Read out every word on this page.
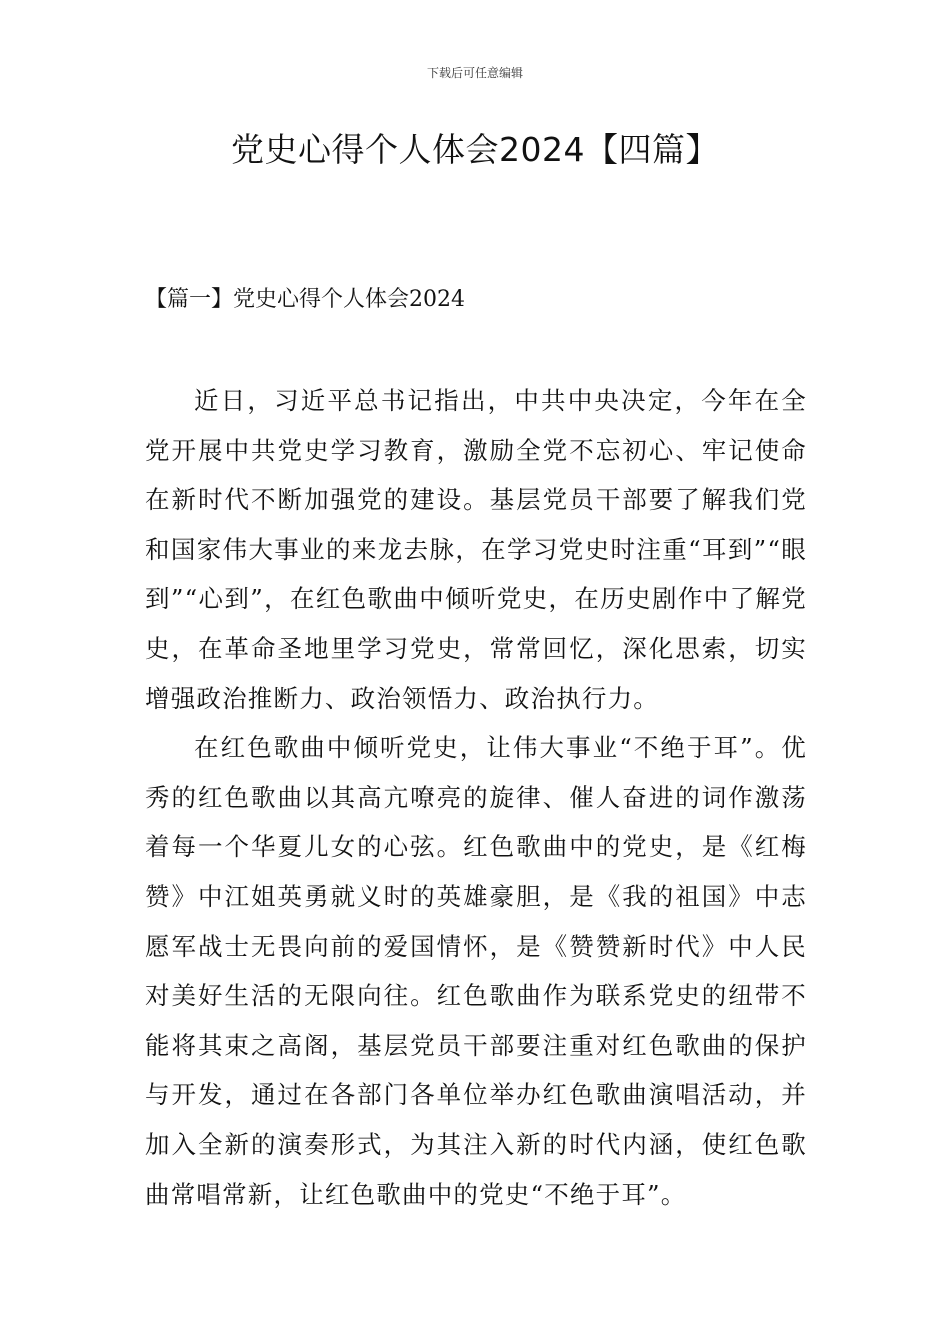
下载后可任意编辑
党史心得个人体会2024【四篇】
【篇一】党史心得个人体会2024

近日，习近平总书记指出，中共中央决定，今年在全党开展中共党史学习教育，激励全党不忘初心、牢记使命在新时代不断加强党的建设。基层党员干部要了解我们党和国家伟大事业的来龙去脉，在学习党史时注重“耳到”“眼到”“心到”，在红色歌曲中倾听党史，在历史剧作中了解党史，在革命圣地里学习党史，常常回忆，深化思索，切实增强政治推断力、政治领悟力、政治执行力。

在红色歌曲中倾听党史，让伟大事业“不绝于耳”。优秀的红色歌曲以其高亢嘹亮的旋律、催人奋进的词作激荡着每一个华夏儿女的心弦。红色歌曲中的党史，是《红梅赞》中江姐英勇就义时的英雄豪胆，是《我的祖国》中志愿军战士无畏向前的爱国情怀，是《赞赞新时代》中人民对美好生活的无限向往。红色歌曲作为联系党史的纽带不能将其束之高阁，基层党员干部要注重对红色歌曲的保护与开发，通过在各部门各单位举办红色歌曲演唱活动，并加入全新的演奏形式，为其注入新的时代内涵，使红色歌曲常唱常新，让红色歌曲中的党史“不绝于耳”。
